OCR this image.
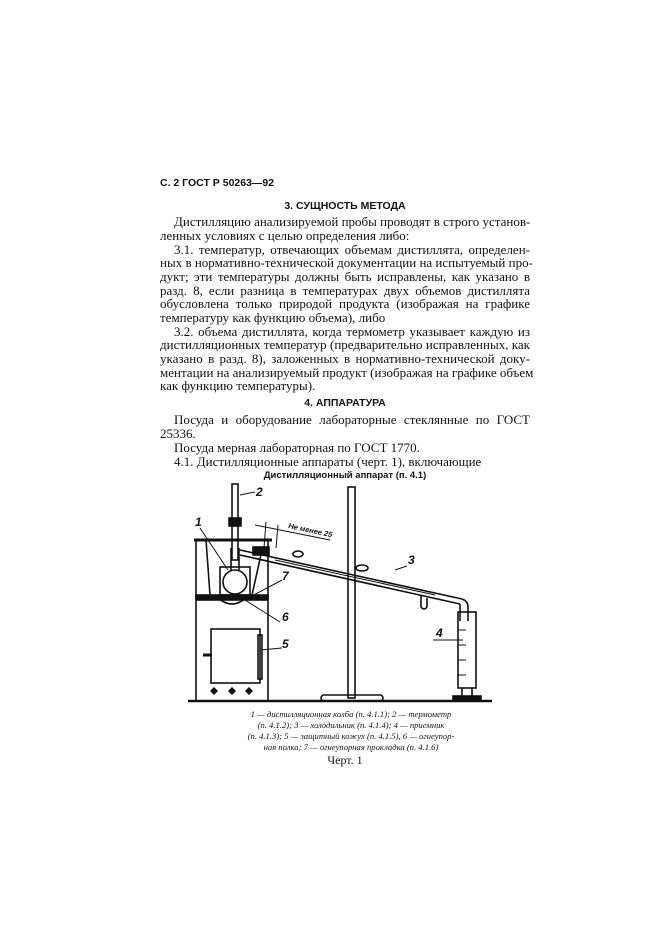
С. 2 ГОСТ Р 50263—92
3. СУЩНОСТЬ МЕТОДА
Дистилляцию анализируемой пробы проводят в строго установ-
ленных условиях с целью определения либо:
3.1. температур, отвечающих объемам дистиллята, определен-
ных в нормативно-технической документации на испытуемый про-
дукт; эти температуры должны быть исправлены, как указано в
разд. 8, если разница в температурах двух объемов дистиллята
обусловлена только природой продукта (изображая на графике
температуру как функцию объема), либо
3.2. объема дистиллята, когда термометр указывает каждую из
дистилляционных температур (предварительно исправленных, как
указано в разд. 8), заложенных в нормативно-технической доку-
ментации на анализируемый продукт (изображая на графике объем
как функцию температуры).
4. АППАРАТУРА
Посуда и оборудование лабораторные стеклянные по ГОСТ
25336.
Посуда мерная лабораторная по ГОСТ 1770.
4.1. Дистилляционные аппараты (черт. 1), включающие
Дистилляционный аппарат (п. 4.1)
1
2
3
4
5
6
7
Не менее 25
1 — дистилляционная колба (п. 4.1.1); 2 — термометр
(п. 4.1.2); 3 — холодильник (п. 4.1.4); 4 — приемник
(п. 4.1.3); 5 — защитный кожух (п. 4.1.5), 6 — огнеупор-
ная полка; 7 — огнеупорная прокладка (п. 4.1.6)
Черт. 1
